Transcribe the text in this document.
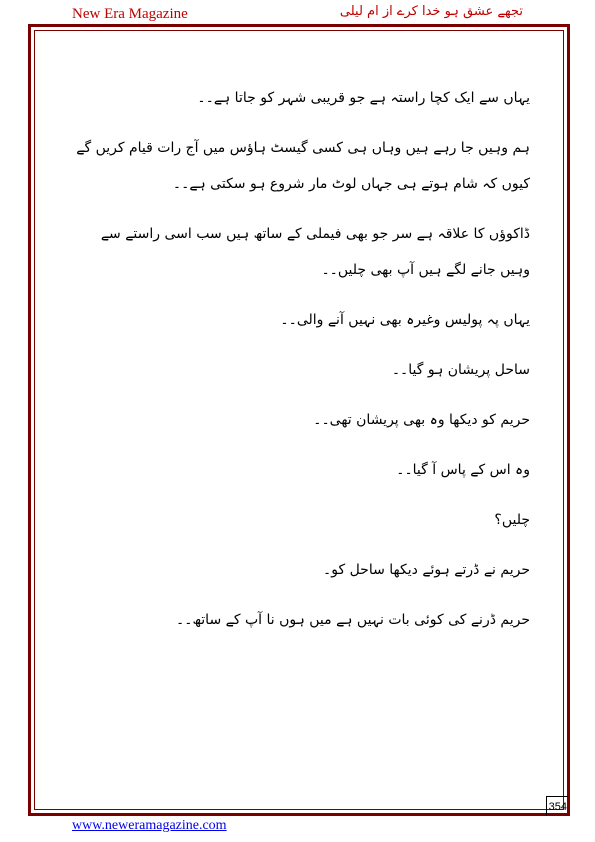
New Era Magazine	تجھے عشق ہو خدا کرے از ام لیلی

یہاں سے ایک کچا راستہ ہے جو قریبی شہر کو جاتا ہے۔۔

ہم وہیں جا رہے ہیں وہاں ہی کسی گیسٹ ہاؤس میں آج رات قیام کریں گے کیوں کہ شام ہوتے ہی جہاں لوٹ مار شروع ہو سکتی ہے۔۔

ڈاکوؤں کا علاقہ ہے سر جو بھی فیملی کے ساتھ ہیں سب اسی راستے سے وہیں جانے لگے ہیں آپ بھی چلیں۔۔

یہاں پہ پولیس وغیرہ بھی نہیں آنے والی۔۔

ساحل پریشان ہو گیا۔۔

حریم کو دیکھا وہ بھی پریشان تھی۔۔

وہ اس کے پاس آ گیا۔۔

چلیں؟

حریم نے ڈرتے ہوئے دیکھا ساحل کو۔

حریم ڈرنے کی کوئی بات نہیں ہے میں ہوں نا آپ کے ساتھ۔۔

354
www.neweramagazine.com
